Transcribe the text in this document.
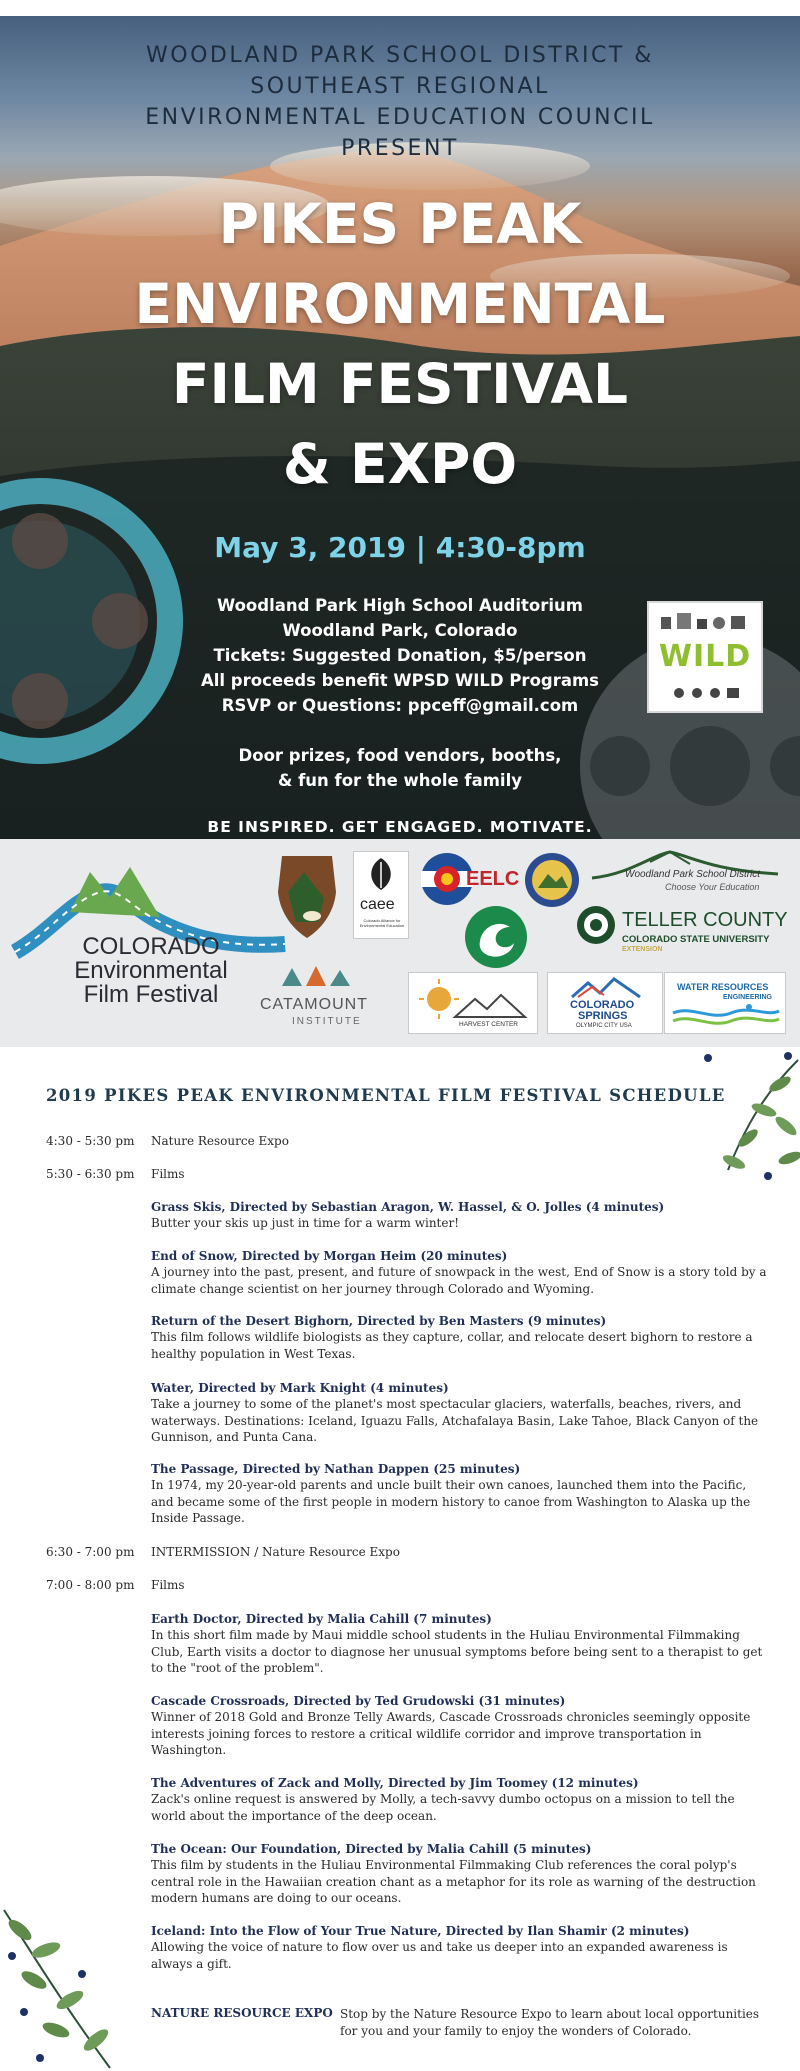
WOODLAND PARK SCHOOL DISTRICT &
SOUTHEAST REGIONAL
ENVIRONMENTAL EDUCATION COUNCIL
PRESENT
PIKES PEAK
ENVIRONMENTAL
FILM FESTIVAL
& EXPO
May 3, 2019 | 4:30-8pm
Woodland Park High School Auditorium
Woodland Park, Colorado
Tickets: Suggested Donation, $5/person
All proceeds benefit WPSD WILD Programs
RSVP or Questions: ppceff@gmail.com
Door prizes, food vendors, booths,
& fun for the whole family
BE INSPIRED. GET ENGAGED. MOTIVATE.
WILD
COLORADO
Environmental
Film Festival
caee
Colorado Alliance for Environmental Education
EELC	Woodland Park School District
Choose Your Education
TELLER COUNTY
COLORADO STATE UNIVERSITY
EXTENSION
CATAMOUNT
INSTITUTE	HARVEST CENTER
COLORADO
SPRINGS
OLYMPIC CITY USA
WATER RESOURCES
ENGINEERING
2019 PIKES PEAK ENVIRONMENTAL FILM FESTIVAL SCHEDULE
4:30 - 5:30 pm Nature Resource Expo
5:30 - 6:30 pm Films
Grass Skis, Directed by Sebastian Aragon, W. Hassel, & O. Jolles (4 minutes)
Butter your skis up just in time for a warm winter!
End of Snow, Directed by Morgan Heim (20 minutes)
A journey into the past, present, and future of snowpack in the west, End of Snow is a story told by a climate change scientist on her journey through Colorado and Wyoming.
Return of the Desert Bighorn, Directed by Ben Masters (9 minutes)
This film follows wildlife biologists as they capture, collar, and relocate desert bighorn to restore a healthy population in West Texas.
Water, Directed by Mark Knight (4 minutes)
Take a journey to some of the planet's most spectacular glaciers, waterfalls, beaches, rivers, and waterways. Destinations: Iceland, Iguazu Falls, Atchafalaya Basin, Lake Tahoe, Black Canyon of the Gunnison, and Punta Cana.
The Passage, Directed by Nathan Dappen (25 minutes)
In 1974, my 20-year-old parents and uncle built their own canoes, launched them into the Pacific, and became some of the first people in modern history to canoe from Washington to Alaska up the Inside Passage.
6:30 - 7:00 pm INTERMISSION / Nature Resource Expo
7:00 - 8:00 pm Films
Earth Doctor, Directed by Malia Cahill (7 minutes)
In this short film made by Maui middle school students in the Huliau Environmental Filmmaking Club, Earth visits a doctor to diagnose her unusual symptoms before being sent to a therapist to get to the "root of the problem".
Cascade Crossroads, Directed by Ted Grudowski (31 minutes)
Winner of 2018 Gold and Bronze Telly Awards, Cascade Crossroads chronicles seemingly opposite interests joining forces to restore a critical wildlife corridor and improve transportation in Washington.
The Adventures of Zack and Molly, Directed by Jim Toomey (12 minutes)
Zack's online request is answered by Molly, a tech-savvy dumbo octopus on a mission to tell the world about the importance of the deep ocean.
The Ocean: Our Foundation, Directed by Malia Cahill (5 minutes)
This film by students in the Huliau Environmental Filmmaking Club references the coral polyp's central role in the Hawaiian creation chant as a metaphor for its role as warning of the destruction modern humans are doing to our oceans.
Iceland: Into the Flow of Your True Nature, Directed by Ilan Shamir (2 minutes)
Allowing the voice of nature to flow over us and take us deeper into an expanded awareness is always a gift.
NATURE RESOURCE EXPO Stop by the Nature Resource Expo to learn about local opportunities for you and your family to enjoy the wonders of Colorado.
